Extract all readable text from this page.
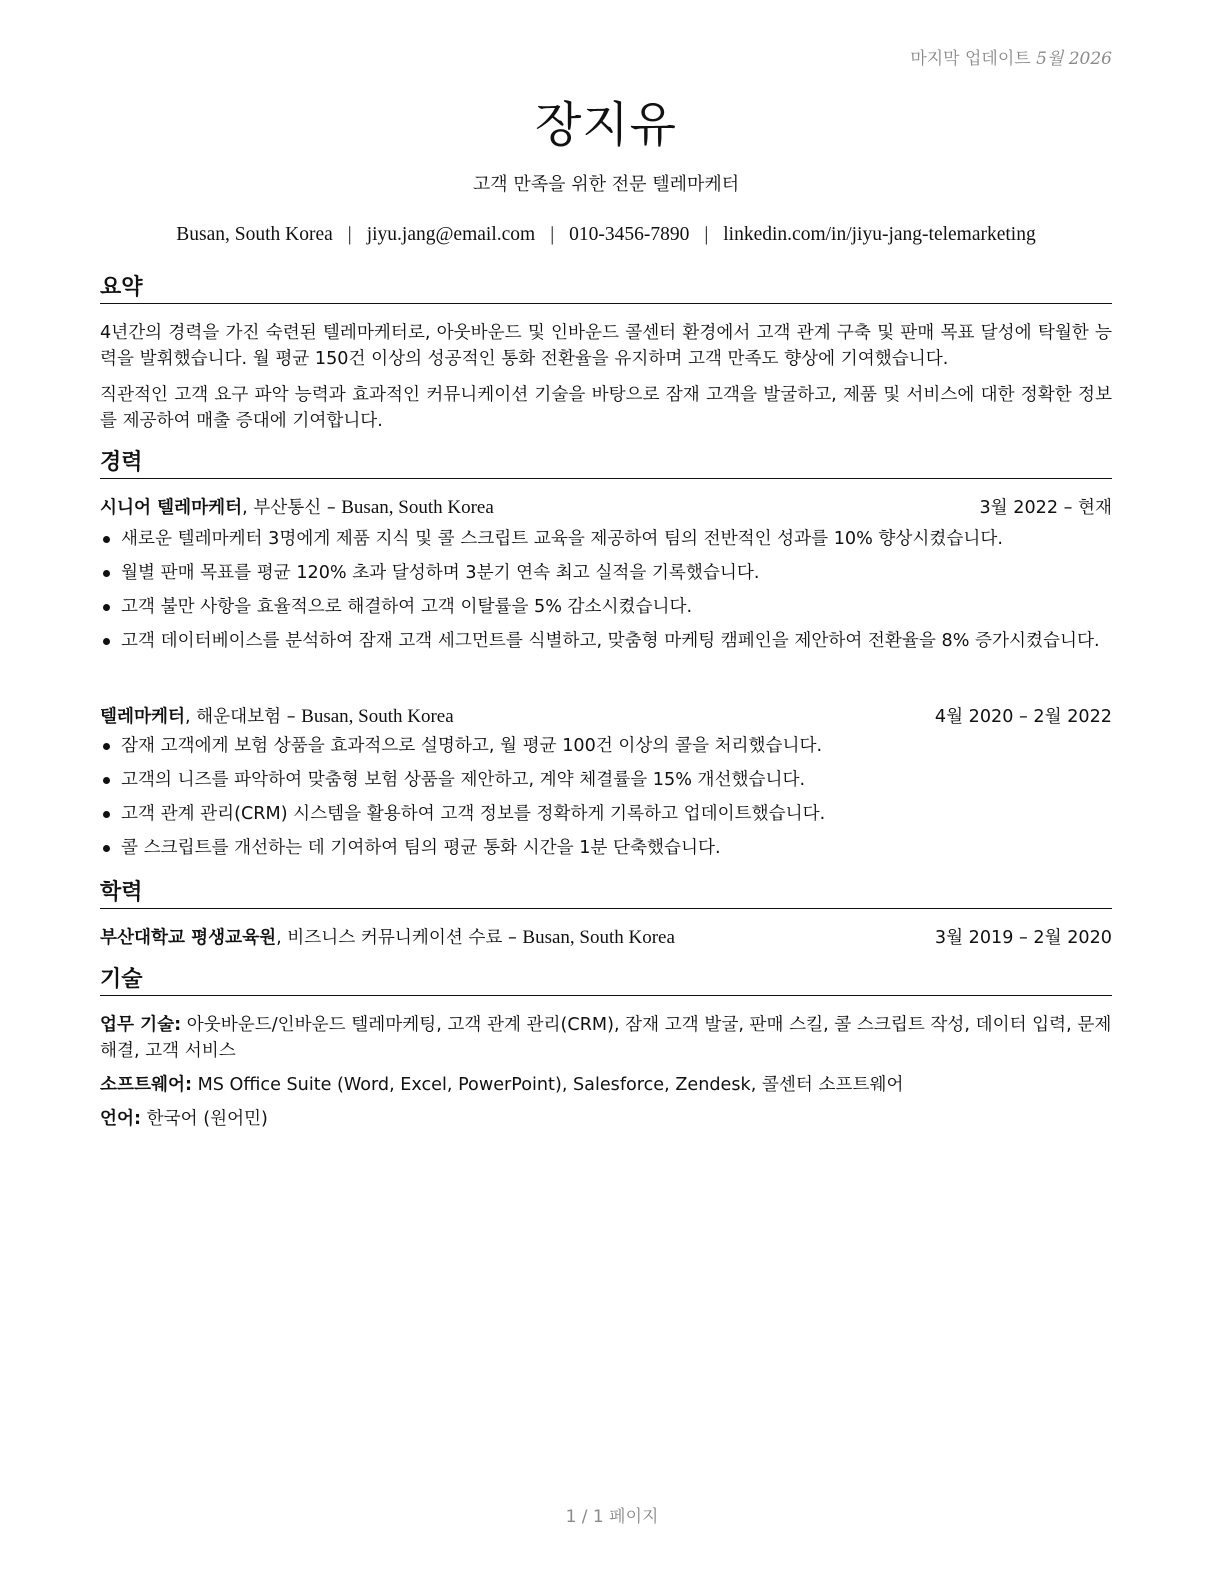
마지막 업데이트 5월 2026
장지유
고객 만족을 위한 전문 텔레마케터
Busan, South Korea | jiyu.jang@email.com | 010-3456-7890 | linkedin.com/in/jiyu-jang-telemarketing
요약
4년간의 경력을 가진 숙련된 텔레마케터로, 아웃바운드 및 인바운드 콜센터 환경에서 고객 관계 구축 및 판매 목표 달성에 탁월한 능력을 발휘했습니다. 월 평균 150건 이상의 성공적인 통화 전환율을 유지하며 고객 만족도 향상에 기여했습니다.
직관적인 고객 요구 파악 능력과 효과적인 커뮤니케이션 기술을 바탕으로 잠재 고객을 발굴하고, 제품 및 서비스에 대한 정확한 정보를 제공하여 매출 증대에 기여합니다.
경력
시니어 텔레마케터, 부산통신 – Busan, South Korea	3월 2022 – 현재
새로운 텔레마케터 3명에게 제품 지식 및 콜 스크립트 교육을 제공하여 팀의 전반적인 성과를 10% 향상시켰습니다.
월별 판매 목표를 평균 120% 초과 달성하며 3분기 연속 최고 실적을 기록했습니다.
고객 불만 사항을 효율적으로 해결하여 고객 이탈률을 5% 감소시켰습니다.
고객 데이터베이스를 분석하여 잠재 고객 세그먼트를 식별하고, 맞춤형 마케팅 캠페인을 제안하여 전환율을 8% 증가시켰습니다.
텔레마케터, 해운대보험 – Busan, South Korea	4월 2020 – 2월 2022
잠재 고객에게 보험 상품을 효과적으로 설명하고, 월 평균 100건 이상의 콜을 처리했습니다.
고객의 니즈를 파악하여 맞춤형 보험 상품을 제안하고, 계약 체결률을 15% 개선했습니다.
고객 관계 관리(CRM) 시스템을 활용하여 고객 정보를 정확하게 기록하고 업데이트했습니다.
콜 스크립트를 개선하는 데 기여하여 팀의 평균 통화 시간을 1분 단축했습니다.
학력
부산대학교 평생교육원, 비즈니스 커뮤니케이션 수료 – Busan, South Korea	3월 2019 – 2월 2020
기술
업무 기술: 아웃바운드/인바운드 텔레마케팅, 고객 관계 관리(CRM), 잠재 고객 발굴, 판매 스킬, 콜 스크립트 작성, 데이터 입력, 문제 해결, 고객 서비스
소프트웨어: MS Office Suite (Word, Excel, PowerPoint), Salesforce, Zendesk, 콜센터 소프트웨어
언어: 한국어 (원어민)
1 / 1 페이지
